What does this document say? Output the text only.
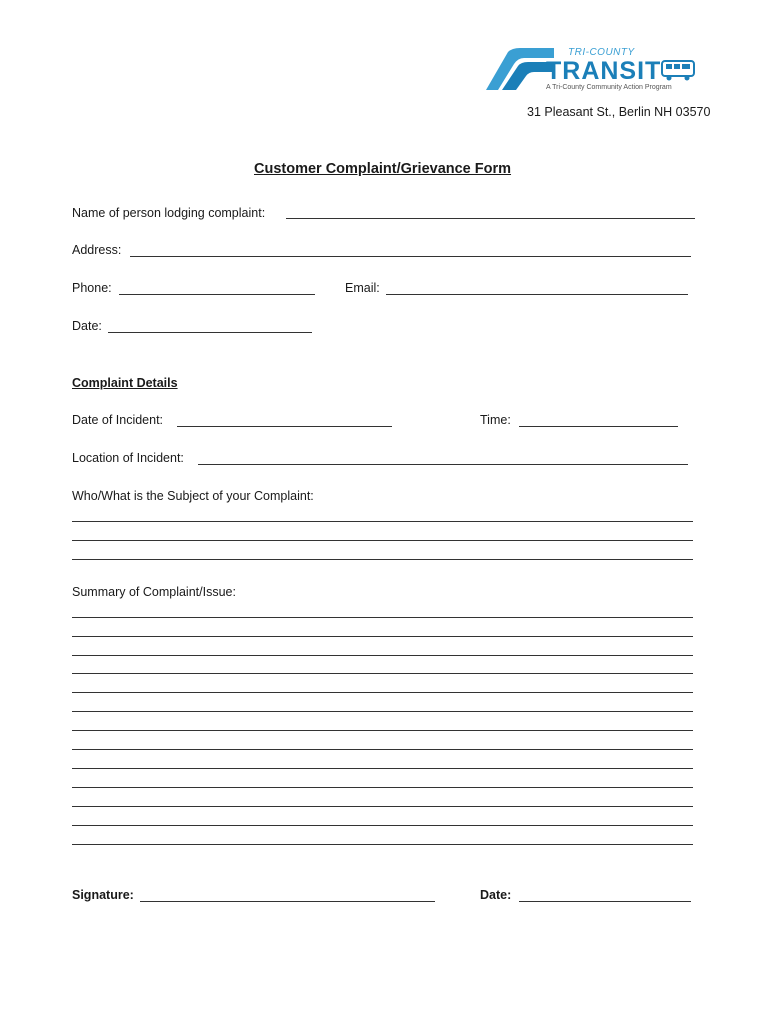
TRI-COUNTY
TRANSIT
A Tri-County Community Action Program
31 Pleasant St., Berlin NH 03570
Customer Complaint/Grievance Form
Name of person lodging complaint:
Address:
Phone:	Email:
Date:
Complaint Details
Date of Incident:	Time:
Location of Incident:
Who/What is the Subject of your Complaint:
Summary of Complaint/Issue:
Signature:	Date:
